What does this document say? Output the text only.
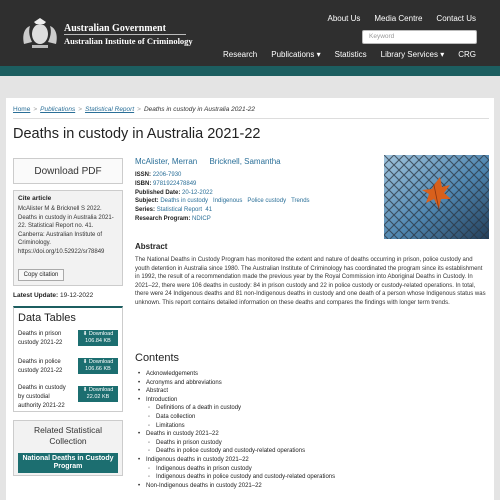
Australian Government
Australian Institute of Criminology
About Us Media Centre Contact Us
Keyword
Research Publications ▾ Statistics Library Services ▾ CRG
Home > Publications > Statistical Report > Deaths in custody in Australia 2021-22
Deaths in custody in Australia 2021-22
Download PDF
Cite article
McAlister M & Bricknell S 2022. Deaths in custody in Australia 2021-22. Statistical Report no. 41. Canberra: Australian Institute of Criminology. https://doi.org/10.52922/sr78849
Copy citation
Latest Update: 19-12-2022
Data Tables
Deaths in prison custody 2021-22
⬇ Download
106.84 KB
Deaths in police custody 2021-22
⬇ Download
106.66 KB
Deaths in custody by custodial authority 2021-22
⬇ Download
22.02 KB
Related Statistical Collection
National Deaths in Custody Program
McAlister, Merran Bricknell, Samantha
ISSN: 2206-7930
ISBN: 9781922478849
Published Date: 20-12-2022
Subject: Deaths in custody Indigenous Police custody Trends
Series: Statistical Report  41
Research Program: NDICP
Abstract

The National Deaths in Custody Program has monitored the extent and nature of deaths occurring in prison, police custody and youth detention in Australia since 1980. The Australian Institute of Criminology has coordinated the program since its establishment in 1992, the result of a recommendation made the previous year by the Royal Commission into Aboriginal Deaths in Custody. In 2021–22, there were 106 deaths in custody: 84 in prison custody and 22 in police custody or custody-related operations. In total, there were 24 Indigenous deaths and 81 non-Indigenous deaths in custody and one death of a person whose Indigenous status was unknown. This report contains detailed information on these deaths and compares the findings with longer term trends.

Contents
• Acknowledgements
• Acronyms and abbreviations
• Abstract
• Introduction
◦ Definitions of a death in custody
◦ Data collection
◦ Limitations
• Deaths in custody 2021–22
◦ Deaths in prison custody
◦ Deaths in police custody and custody-related operations
• Indigenous deaths in custody 2021–22
◦ Indigenous deaths in prison custody
◦ Indigenous deaths in police custody and custody-related operations
• Non-Indigenous deaths in custody 2021–22
